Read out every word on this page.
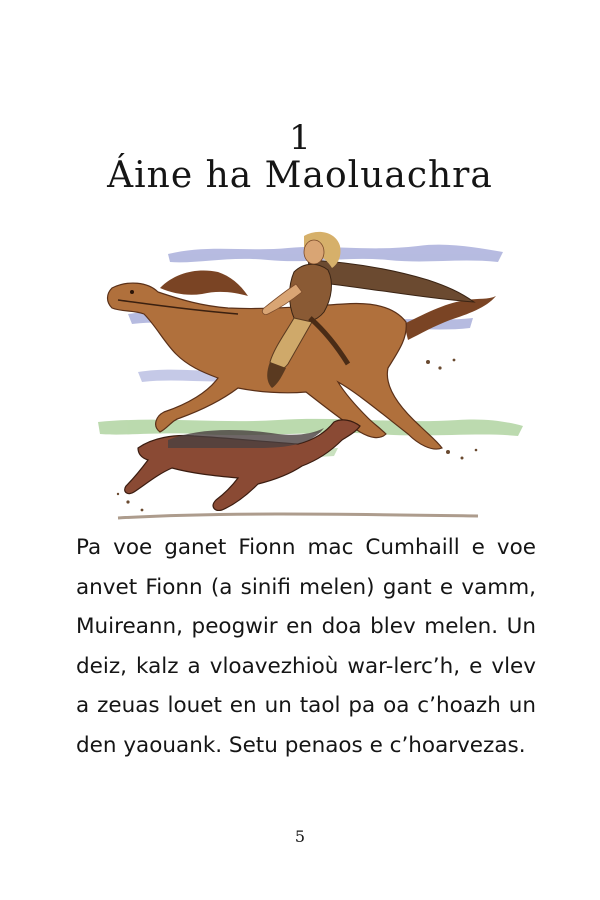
1
Áine ha Maoluachra

Pa voe ganet Fionn mac Cumhaill e voe anvet Fionn (a sinifi melen) gant e vamm, Muireann, peogwir en doa blev melen. Un deiz, kalz a vloavezhioù war-lerc’h, e vlev a zeuas louet en un taol pa oa c’hoazh un den yaouank. Setu penaos e c’hoarvezas.

5
